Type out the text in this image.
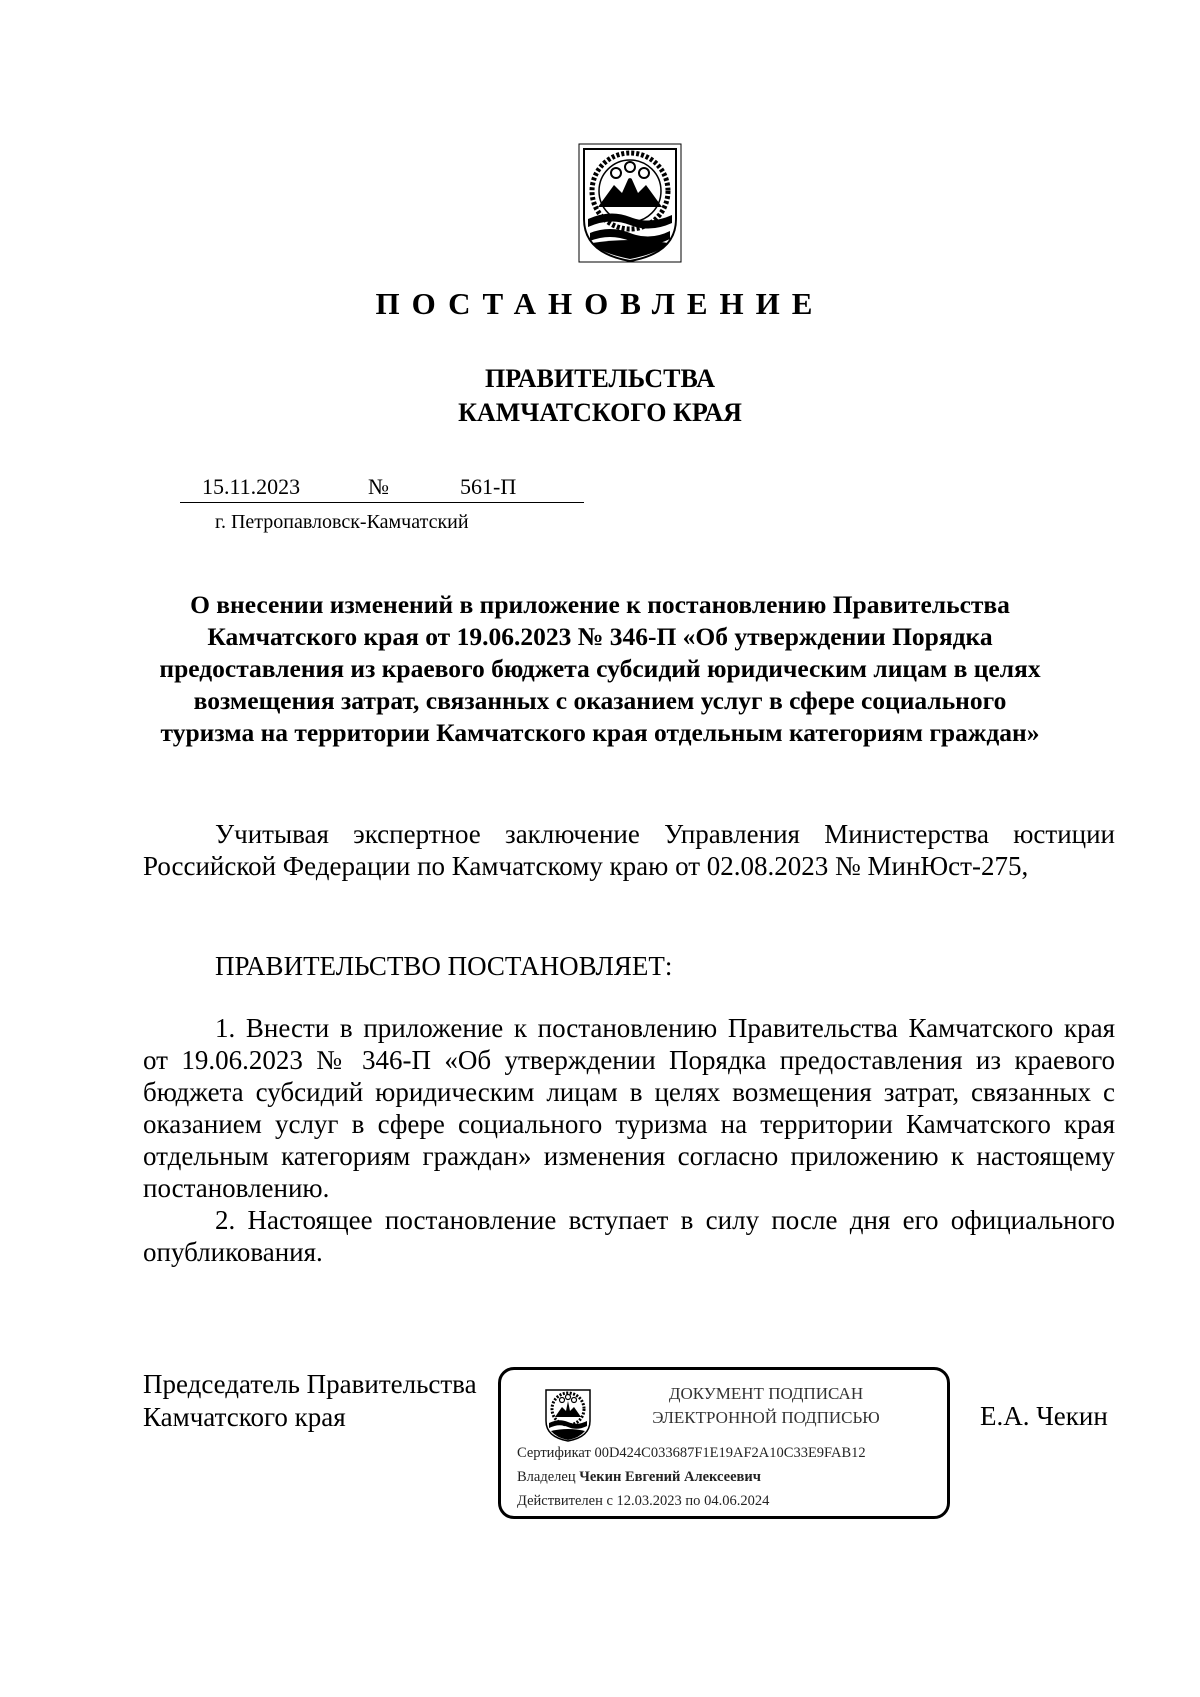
ПОСТАНОВЛЕНИЕ
ПРАВИТЕЛЬСТВА
КАМЧАТСКОГО КРАЯ
15.11.2023	№	561-П
г. Петропавловск-Камчатский
О внесении изменений в приложение к постановлению Правительства Камчатского края от 19.06.2023 № 346-П «Об утверждении Порядка предоставления из краевого бюджета субсидий юридическим лицам в целях возмещения затрат, связанных с оказанием услуг в сфере социального туризма на территории Камчатского края отдельным категориям граждан»

Учитывая экспертное заключение Управления Министерства юстиции Российской Федерации по Камчатскому краю от 02.08.2023 № МинЮст-275,

ПРАВИТЕЛЬСТВО ПОСТАНОВЛЯЕТ:

1. Внести в приложение к постановлению Правительства Камчатского края от 19.06.2023 № 346-П «Об утверждении Порядка предоставления из краевого бюджета субсидий юридическим лицам в целях возмещения затрат, связанных с оказанием услуг в сфере социального туризма на территории Камчатского края отдельным категориям граждан» изменения согласно приложению к настоящему постановлению.

2. Настоящее постановление вступает в силу после дня его официального опубликования.

Председатель Правительства
Камчатского края
ДОКУМЕНТ ПОДПИСАН
ЭЛЕКТРОННОЙ ПОДПИСЬЮ
Сертификат 00D424C033687F1E19AF2A10C33E9FAB12
Владелец Чекин Евгений Алексеевич
Действителен с 12.03.2023 по 04.06.2024
Е.А. Чекин
